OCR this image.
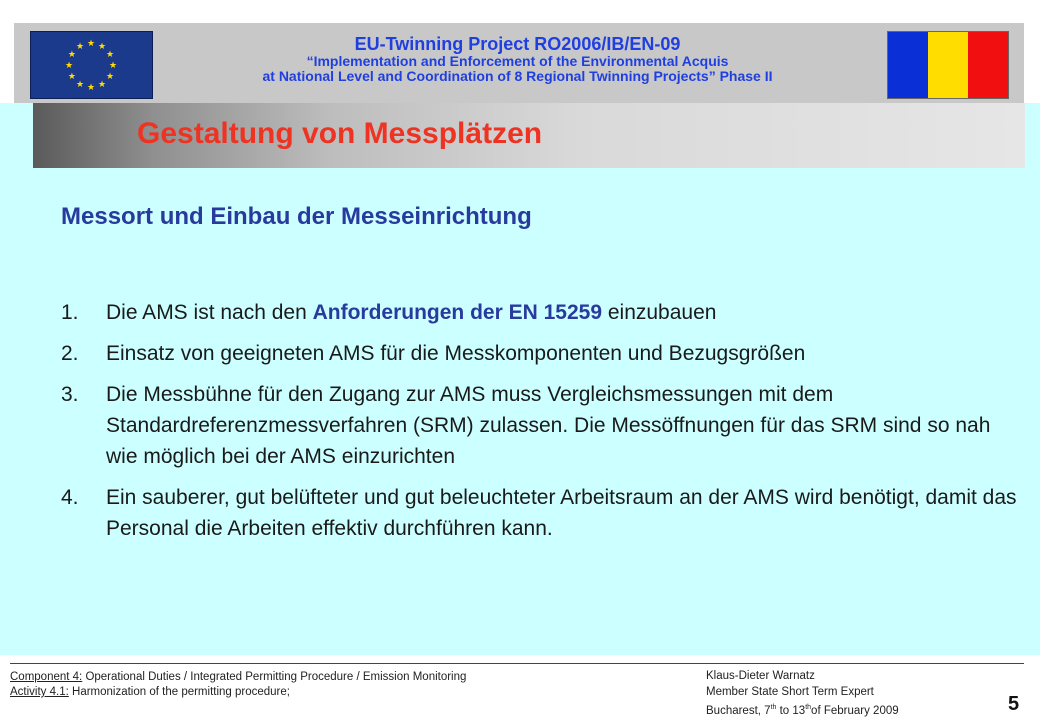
★ ★
★
★
★
★
★
★
★
★
★
★	EU-Twinning Project RO2006/IB/EN-09
“Implementation and Enforcement of the Environmental Acquis
at National Level and Coordination of 8 Regional Twinning Projects” Phase II
Gestaltung von Messplätzen
Messort und Einbau der Messeinrichtung
1.	Die AMS ist nach den Anforderungen der EN 15259 einzubauen
2.	Einsatz von geeigneten AMS für die Messkomponenten und Bezugsgrößen
3.	Die Messbühne für den Zugang zur AMS muss Vergleichsmessungen mit dem Standardreferenzmessverfahren (SRM) zulassen. Die Messöffnungen für das SRM sind so nah wie möglich bei der AMS einzurichten
4.	Ein sauberer, gut belüfteter und gut beleuchteter Arbeitsraum an der AMS wird benötigt, damit das Personal die Arbeiten effektiv durchführen kann.
Component 4: Operational Duties / Integrated Permitting Procedure / Emission Monitoring
Activity 4.1: Harmonization of the permitting procedure;
Klaus-Dieter Warnatz
Member State Short Term Expert
Bucharest, 7th to 13thof February 2009	5
